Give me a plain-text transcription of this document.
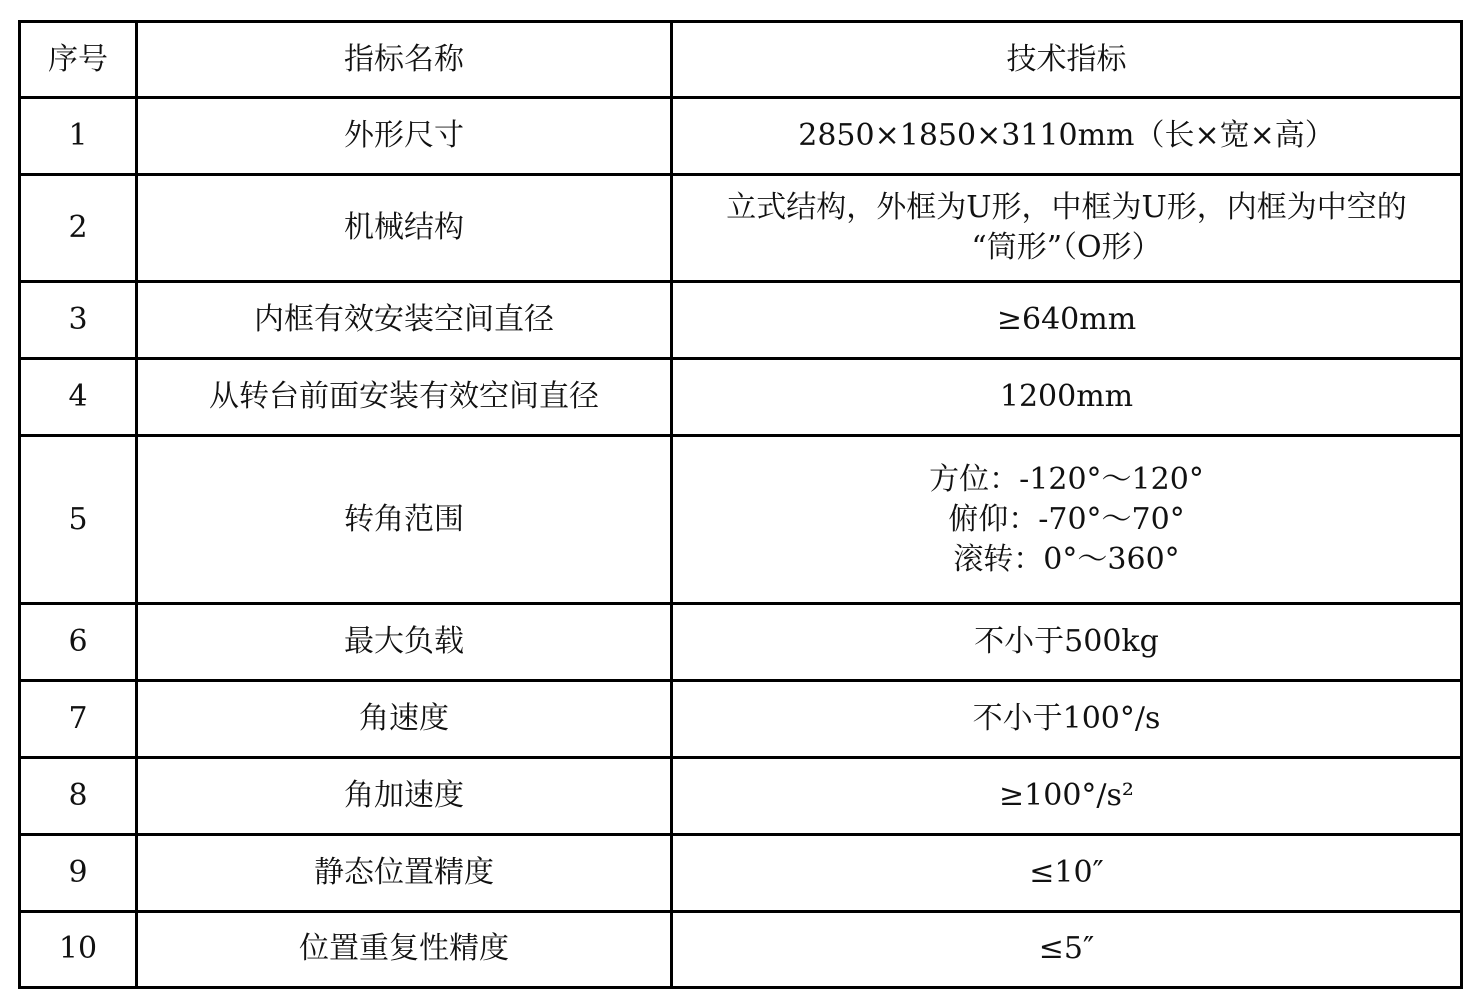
序号	指标名称	技术指标
1	外形尺寸	2850×1850×3110mm（长×宽×高）

2	机械结构	立式结构，外框为U形，中框为U形，内框为中空的
“筒形”（O形）

3	内框有效安装空间直径	≥640mm

4	从转台前面安装有效空间直径	1200mm

5	转角范围	方位：-120°～120°
俯仰：-70°～70°
滚转：0°～360°

6	最大负载	不小于500kg

7	角速度	不小于100°/s

8	角加速度	≥100°/s²

9	静态位置精度	≤10″

10	位置重复性精度	≤5″
